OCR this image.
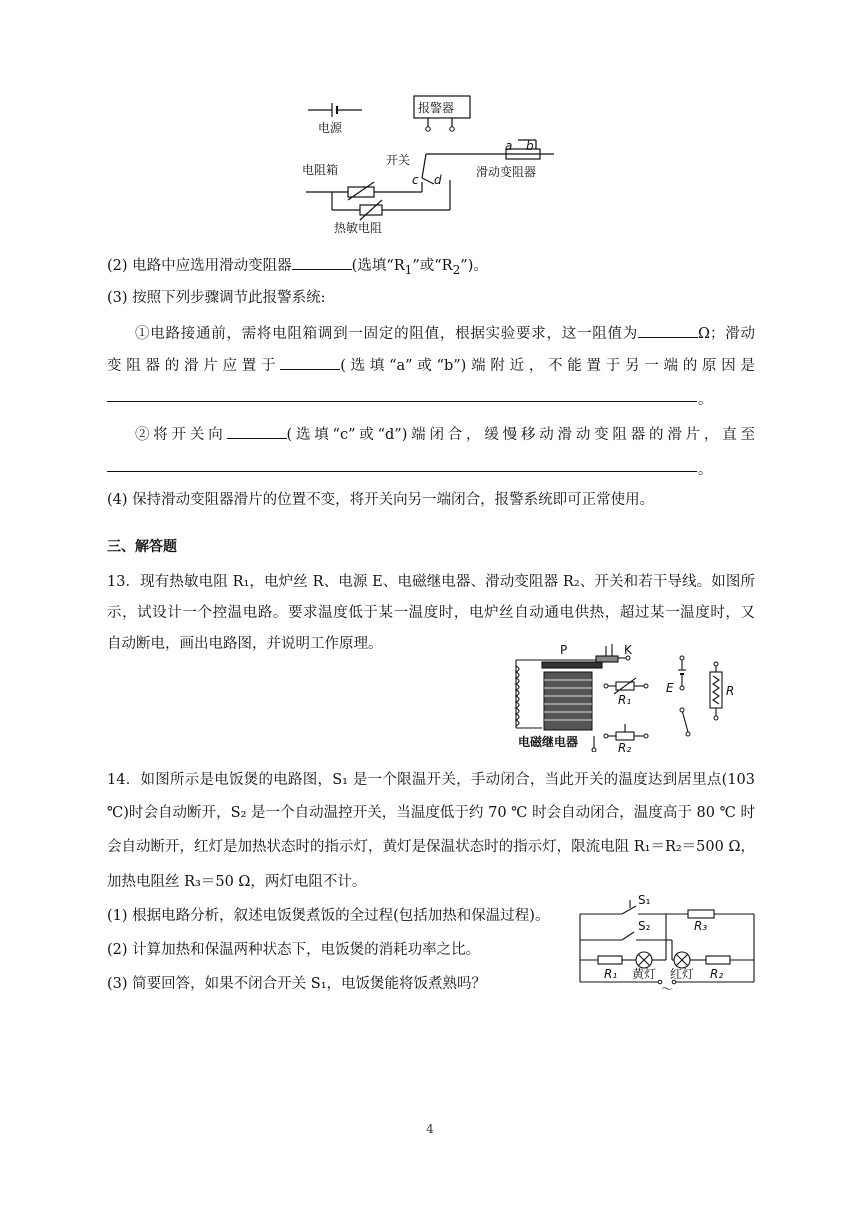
电源
报警器
开关
电阻箱	滑动变阻器
热敏电阻
a b
c d
(2) 电路中应选用滑动变阻器	(选填“$R_1$”或“$R_2$”)。
(3) 按照下列步骤调节此报警系统:
①电路接通前，需将电阻箱调到一固定的阻值，根据实验要求，这一阻值为	Ω；滑动
变阻器的滑片应置于	(选填“a”或“b”)端附近，不能置于另一端的原因是
。
②将开关向	(选填“c”或“d”)端闭合，缓慢移动滑动变阻器的滑片，直至
。
(4) 保持滑动变阻器滑片的位置不变，将开关向另一端闭合，报警系统即可正常使用。
三、解答题
13．现有热敏电阻 R₁，电炉丝 R、电源 E、电磁继电器、滑动变阻器 R₂、开关和若干导线。如图所
示，试设计一个控温电路。要求温度低于某一温度时，电炉丝自动通电供热，超过某一温度时，又
自动断电，画出电路图，并说明工作原理。	P	K
E	R
R₁
R₂
电磁继电器
14．如图所示是电饭煲的电路图，S₁ 是一个限温开关，手动闭合，当此开关的温度达到居里点(103
℃)时会自动断开，S₂ 是一个自动温控开关，当温度低于约 70 ℃ 时会自动闭合，温度高于 80 ℃ 时
会自动断开，红灯是加热状态时的指示灯，黄灯是保温状态时的指示灯，限流电阻 R₁＝R₂＝500 Ω，
加热电阻丝 R₃＝50 Ω，两灯电阻不计。
(1) 根据电路分析，叙述电饭煲煮饭的全过程(包括加热和保温过程)。
(2) 计算加热和保温两种状态下，电饭煲的消耗功率之比。
(3) 简要回答，如果不闭合开关 S₁，电饭煲能将饭煮熟吗？
S₁
S₂	R₃
R₁	R₂
黄灯 红灯
～
4
